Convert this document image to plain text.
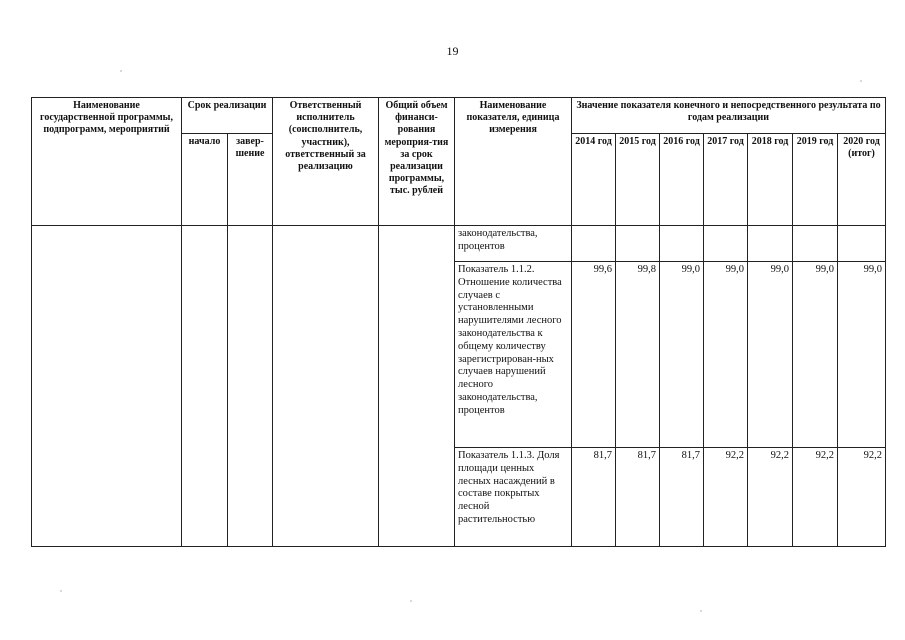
19
Наименование государственной программы, подпрограмм, мероприятий	Срок реализации		Ответственный исполнитель (соисполнитель, участник), ответственный за реализацию	Общий объем финанси-рования мероприя-тия за срок реализации программы, тыс. рублей	Наименование показателя, единица измерения	Значение показателя конечного и непосредственного результата по годам реализации						
	начало	завер-шение				2014 год	2015 год	2016 год	2017 год	2018 год	2019 год	2020 год (итог)
					законодательства, процентов							
					Показатель 1.1.2. Отношение количества случаев с установленными нарушителями лесного законодательства к общему количеству зарегистрирован-ных случаев нарушений лесного законодательства, процентов	99,6	99,8	99,0	99,0	99,0	99,0	99,0
					Показатель 1.1.3. Доля площади ценных лесных насаждений в составе покрытых лесной растительностью	81,7	81,7	81,7	92,2	92,2	92,2	92,2
